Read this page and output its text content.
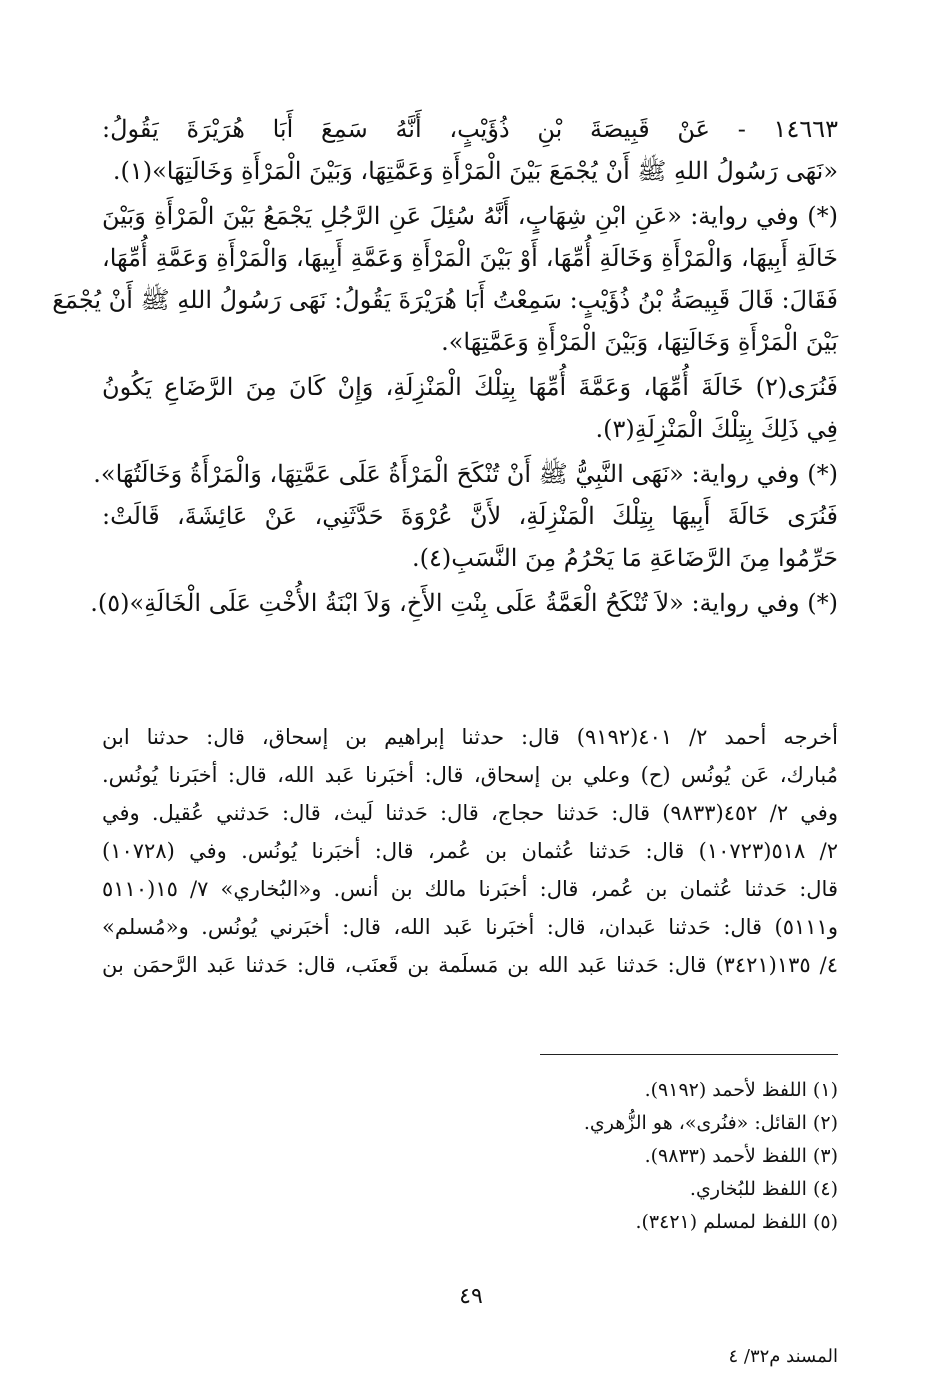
١٤٦٦٣ - عَنْ قَبِيصَةَ بْنِ ذُؤَيْبٍ، أَنَّهُ سَمِعَ أَبَا هُرَيْرَةَ يَقُولُ:
«نَهَى رَسُولُ اللهِ ﷺ أَنْ يُجْمَعَ بَيْنَ الْمَرْأَةِ وَعَمَّتِهَا، وَبَيْنَ الْمَرْأَةِ وَخَالَتِهَا»(١).
(*) وفي رواية: «عَنِ ابْنِ شِهَابٍ، أَنَّهُ سُئِلَ عَنِ الرَّجُلِ يَجْمَعُ بَيْنَ الْمَرْأَةِ وَبَيْنَ
خَالَةِ أَبِيهَا، وَالْمَرْأَةِ وَخَالَةِ أُمِّهَا، أَوْ بَيْنَ الْمَرْأَةِ وَعَمَّةِ أَبِيهَا، وَالْمَرْأَةِ وَعَمَّةِ أُمِّهَا،
فَقَالَ: قَالَ قَبِيصَةُ بْنُ ذُؤَيْبٍ: سَمِعْتُ أَبَا هُرَيْرَةَ يَقُولُ: نَهَى رَسُولُ اللهِ ﷺ أَنْ يُجْمَعَ
بَيْنَ الْمَرْأَةِ وَخَالَتِهَا، وَبَيْنَ الْمَرْأَةِ وَعَمَّتِهَا».
فَنُرَى(٢) خَالَةَ أُمِّهَا، وَعَمَّةَ أُمِّهَا بِتِلْكَ الْمَنْزِلَةِ، وَإِنْ كَانَ مِنَ الرَّضَاعِ يَكُونُ
فِي ذَلِكَ بِتِلْكَ الْمَنْزِلَةِ(٣).
(*) وفي رواية: «نَهَى النَّبِيُّ ﷺ أَنْ تُنْكَحَ الْمَرْأَةُ عَلَى عَمَّتِهَا، وَالْمَرْأَةُ وَخَالَتُهَا».
فَنُرَى خَالَةَ أَبِيهَا بِتِلْكَ الْمَنْزِلَةِ، لأَنَّ عُرْوَةَ حَدَّثَنِي، عَنْ عَائِشَةَ، قَالَتْ:
حَرِّمُوا مِنَ الرَّضَاعَةِ مَا يَحْرُمُ مِنَ النَّسَبِ(٤).
(*) وفي رواية: «لاَ تُنْكَحُ الْعَمَّةُ عَلَى بِنْتِ الأَخِ، وَلاَ ابْنَةُ الأُخْتِ عَلَى الْخَالَةِ»(٥).
أخرجه أحمد ٢/ ٤٠١(٩١٩٢) قال: حدثنا إبراهيم بن إسحاق، قال: حدثنا ابن
مُبارك، عَن يُونُس (ح) وعلي بن إسحاق، قال: أخبَرنا عَبد الله، قال: أخبَرنا يُونُس.
وفي ٢/ ٤٥٢(٩٨٣٣) قال: حَدثنا حجاج، قال: حَدثنا لَيث، قال: حَدثني عُقيل. وفي
٢/ ٥١٨(١٠٧٢٣) قال: حَدثنا عُثمان بن عُمر، قال: أخبَرنا يُونُس. وفي (١٠٧٢٨)
قال: حَدثنا عُثمان بن عُمر، قال: أخبَرنا مالك بن أنس. و«البُخاري» ٧/ ١٥(٥١١٠
و٥١١١) قال: حَدثنا عَبدان، قال: أخبَرنا عَبد الله، قال: أخبَرني يُونُس. و«مُسلم»
٤/ ١٣٥(٣٤٢١) قال: حَدثنا عَبد الله بن مَسلَمة بن قَعنَب، قال: حَدثنا عَبد الرَّحمَن بن
(١) اللفظ لأحمد (٩١٩٢).
(٢) القائل: «فنُرى»، هو الزُّهري.
(٣) اللفظ لأحمد (٩٨٣٣).
(٤) اللفظ للبُخاري.
(٥) اللفظ لمسلم (٣٤٢١).
٤٩
المسند م٣٢/ ٤
